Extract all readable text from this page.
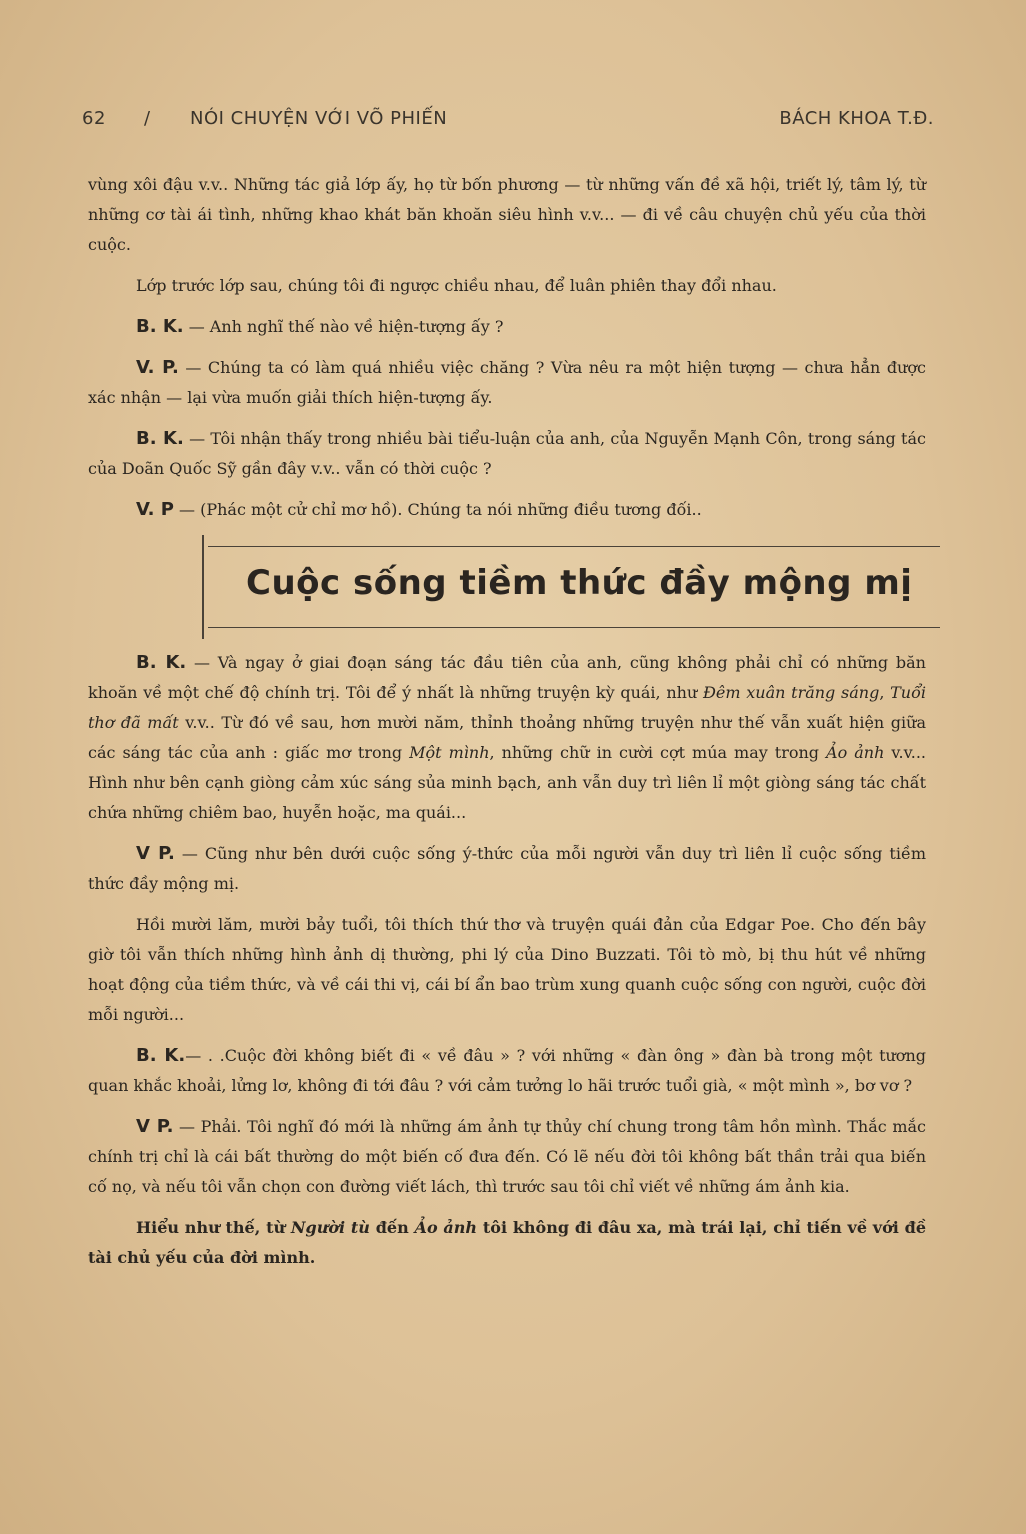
62 / NÓI CHUYỆN VỚI VÕ PHIẾN	BÁCH KHOA T.Đ.

vùng xôi đậu v.v.. Những tác giả lớp ấy, họ từ bốn phương — từ những vấn đề xã hội, triết lý, tâm lý, từ những cơ tài ái tình, những khao khát băn khoăn siêu hình v.v... — đi về câu chuyện chủ yếu của thời cuộc.

Lớp trước lớp sau, chúng tôi đi ngược chiều nhau, để luân phiên thay đổi nhau.

B. K. — Anh nghĩ thế nào về hiện-tượng ấy ?

V. P. — Chúng ta có làm quá nhiều việc chăng ? Vừa nêu ra một hiện tượng — chưa hẳn được xác nhận — lại vừa muốn giải thích hiện-tượng ấy.

B. K. — Tôi nhận thấy trong nhiều bài tiểu-luận của anh, của Nguyễn Mạnh Côn, trong sáng tác của Doãn Quốc Sỹ gần đây v.v.. vẫn có thời cuộc ?

V. P — (Phác một cử chỉ mơ hồ). Chúng ta nói những điều tương đối..

Cuộc sống tiềm thức đầy mộng mị

B. K. — Và ngay ở giai đoạn sáng tác đầu tiên của anh, cũng không phải chỉ có những băn khoăn về một chế độ chính trị. Tôi để ý nhất là những truyện kỳ quái, như Đêm xuân trăng sáng, Tuổi thơ đã mất v.v.. Từ đó về sau, hơn mười năm, thỉnh thoảng những truyện như thế vẫn xuất hiện giữa các sáng tác của anh : giấc mơ trong Một mình, những chữ in cười cợt múa may trong Ảo ảnh v.v... Hình như bên cạnh giòng cảm xúc sáng sủa minh bạch, anh vẫn duy trì liên lỉ một giòng sáng tác chất chứa những chiêm bao, huyễn hoặc, ma quái...

V P. — Cũng như bên dưới cuộc sống ý-thức của mỗi người vẫn duy trì liên lỉ cuộc sống tiềm thức đầy mộng mị.

Hồi mười lăm, mười bảy tuổi, tôi thích thứ thơ và truyện quái đản của Edgar Poe. Cho đến bây giờ tôi vẫn thích những hình ảnh dị thường, phi lý của Dino Buzzati. Tôi tò mò, bị thu hút về những hoạt động của tiềm thức, và về cái thi vị, cái bí ẩn bao trùm xung quanh cuộc sống con người, cuộc đời mỗi người...

B. K.— . .Cuộc đời không biết đi « về đâu » ? với những « đàn ông » đàn bà trong một tương quan khắc khoải, lửng lơ, không đi tới đâu ? với cảm tưởng lo hãi trước tuổi già, « một mình », bơ vơ ?

V P. — Phải. Tôi nghĩ đó mới là những ám ảnh tự thủy chí chung trong tâm hồn mình. Thắc mắc chính trị chỉ là cái bất thường do một biến cố đưa đến. Có lẽ nếu đời tôi không bất thần trải qua biến cố nọ, và nếu tôi vẫn chọn con đường viết lách, thì trước sau tôi chỉ viết về những ám ảnh kia.

Hiểu như thế, từ Người tù đến Ảo ảnh tôi không đi đâu xa, mà trái lại, chỉ tiến về với đề tài chủ yếu của đời mình.
